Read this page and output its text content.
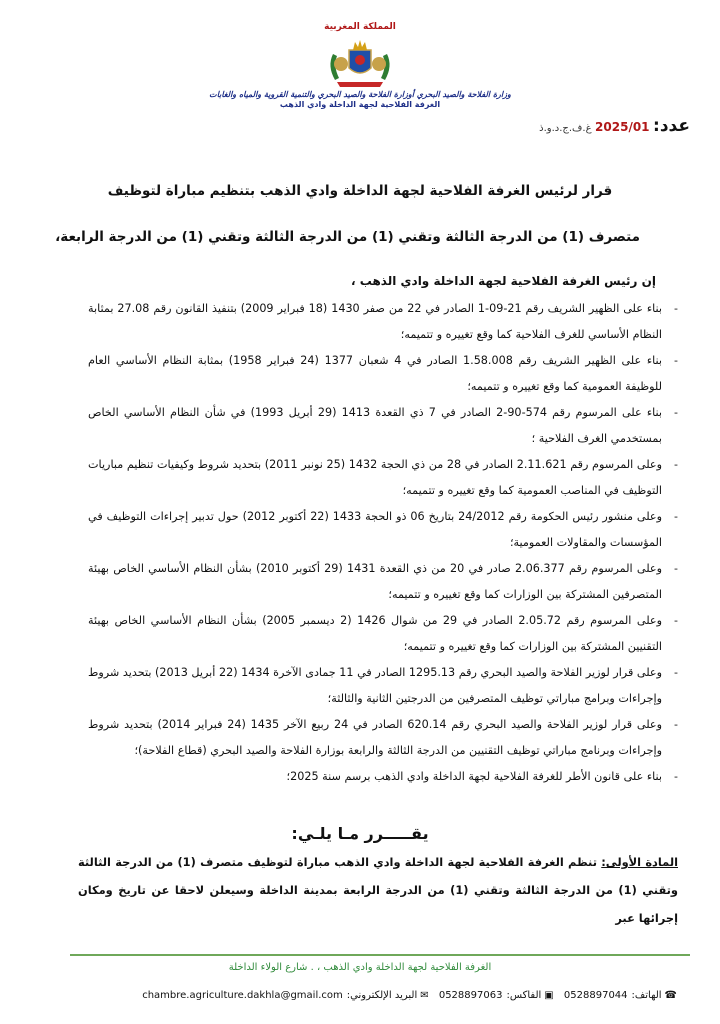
المملكة المغربية
وزارة الفلاحة والصيد البحري أوزارة الفلاحة والصيد البحري والتنمية القروية والمياه والغابات
الغرفة الفلاحية لجهة الداخلة وادي الذهب
عدد: 2025/01 غ.ف.ج.د.و.ذ
قرار لرئيس الغرفة الفلاحية لجهة الداخلة وادي الذهب بتنظيم مباراة لتوظيف
متصرف (1) من الدرجة الثالثة وتقني (1) من الدرجة الثالثة وتقني (1) من الدرجة الرابعة،
إن رئيس الغرفة الفلاحية لجهة الداخلة وادي الذهب ،
-
بناء على الظهير الشريف رقم 21-09-1 الصادر في 22 من صفر 1430 (18 فبراير 2009) بتنفيذ القانون رقم 27.08 بمثابة النظام الأساسي للغرف الفلاحية كما وقع تغييره و تتميمه؛
-
بناء على الظهير الشريف رقم 1.58.008 الصادر في 4 شعبان 1377 (24 فبراير 1958) بمثابة النظام الأساسي العام للوظيفة العمومية كما وقع تغييره و تتميمه؛
-
بناء على المرسوم رقم 574-90-2 الصادر في 7 ذي القعدة 1413 (29 أبريل 1993) في شأن النظام الأساسي الخاص بمستخدمي الغرف الفلاحية ؛
-
وعلى المرسوم رقم 2.11.621 الصادر في 28 من ذي الحجة 1432 (25 نونبر 2011) بتحديد شروط وكيفيات تنظيم مباريات التوظيف في المناصب العمومية كما وقع تغييره و تتميمه؛
-
وعلى منشور رئيس الحكومة رقم 24/2012 بتاريخ 06 ذو الحجة 1433 (22 أكتوبر 2012) حول تدبير إجراءات التوظيف في المؤسسات والمقاولات العمومية؛
-
وعلى المرسوم رقم 2.06.377 صادر في 20 من ذي القعدة 1431 (29 أكتوبر 2010) بشأن النظام الأساسي الخاص بهيئة المتصرفين المشتركة بين الوزارات كما وقع تغييره و تتميمه؛
-
وعلى المرسوم رقم 2.05.72 الصادر في 29 من شوال 1426 (2 ديسمبر 2005) بشأن النظام الأساسي الخاص بهيئة التقنيين المشتركة بين الوزارات كما وقع تغييره و تتميمه؛
-
وعلى قرار لوزير الفلاحة والصيد البحري رقم 1295.13 الصادر في 11 جمادى الآخرة 1434 (22 أبريل 2013) بتحديد شروط وإجراءات وبرامج مباراتي توظيف المتصرفين من الدرجتين الثانية والثالثة؛
-
وعلى قرار لوزير الفلاحة والصيد البحري رقم 620.14 الصادر في 24 ربيع الآخر 1435 (24 فبراير 2014) بتحديد شروط وإجراءات وبرنامج مباراتي توظيف التقنيين من الدرجة الثالثة والرابعة بوزارة الفلاحة والصيد البحري (قطاع الفلاحة)؛
-
بناء على قانون الأطر للغرفة الفلاحية لجهة الداخلة وادي الذهب برسم سنة 2025؛
يقـــــرر مـا يلـي:
المادة الأولى: تنظم الغرفة الفلاحية لجهة الداخلة وادي الذهب مباراة لتوظيف متصرف (1) من الدرجة الثالثة وتقني (1) من الدرجة الثالثة وتقني (1) من الدرجة الرابعة بمدينة الداخلة وسيعلن لاحقا عن تاريخ ومكان إجرائها عبر
الغرفة الفلاحية لجهة الداخلة وادي الذهب ، . شارع الولاء الداخلة
☎الهاتف:0528897044 ▣الفاكس:0528897063 ✉البريد الإلكتروني:chambre.agriculture.dakhla@gmail.com
